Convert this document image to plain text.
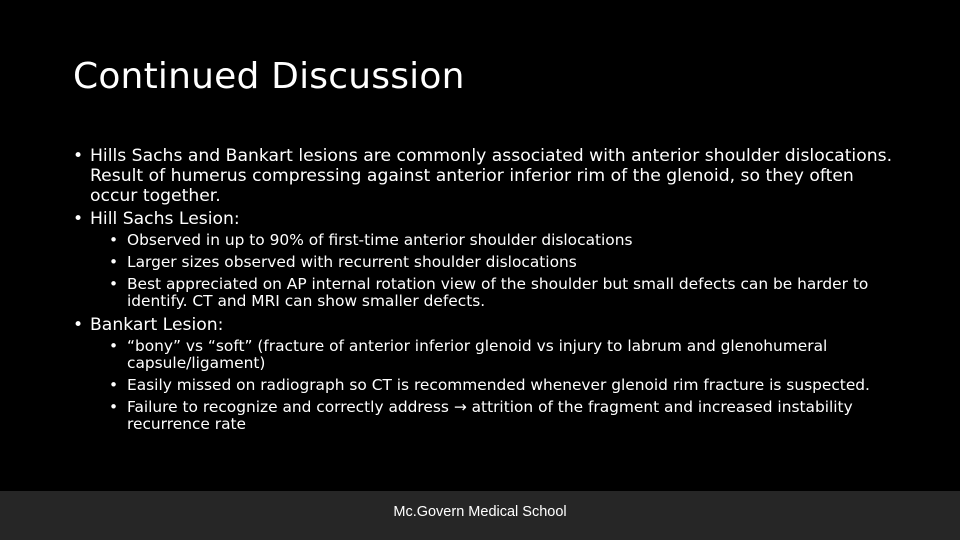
Continued Discussion
• Hills Sachs and Bankart lesions are commonly associated with anterior shoulder dislocations. Result of humerus compressing against anterior inferior rim of the glenoid, so they often occur together.
• Hill Sachs Lesion:
• Observed in up to 90% of first-time anterior shoulder dislocations
• Larger sizes observed with recurrent shoulder dislocations
• Best appreciated on AP internal rotation view of the shoulder but small defects can be harder to identify. CT and MRI can show smaller defects.
• Bankart Lesion:
• “bony” vs “soft” (fracture of anterior inferior glenoid vs injury to labrum and glenohumeral capsule/ligament)
• Easily missed on radiograph so CT is recommended whenever glenoid rim fracture is suspected.
• Failure to recognize and correctly address → attrition of the fragment and increased instability recurrence rate
Mc.Govern Medical School
